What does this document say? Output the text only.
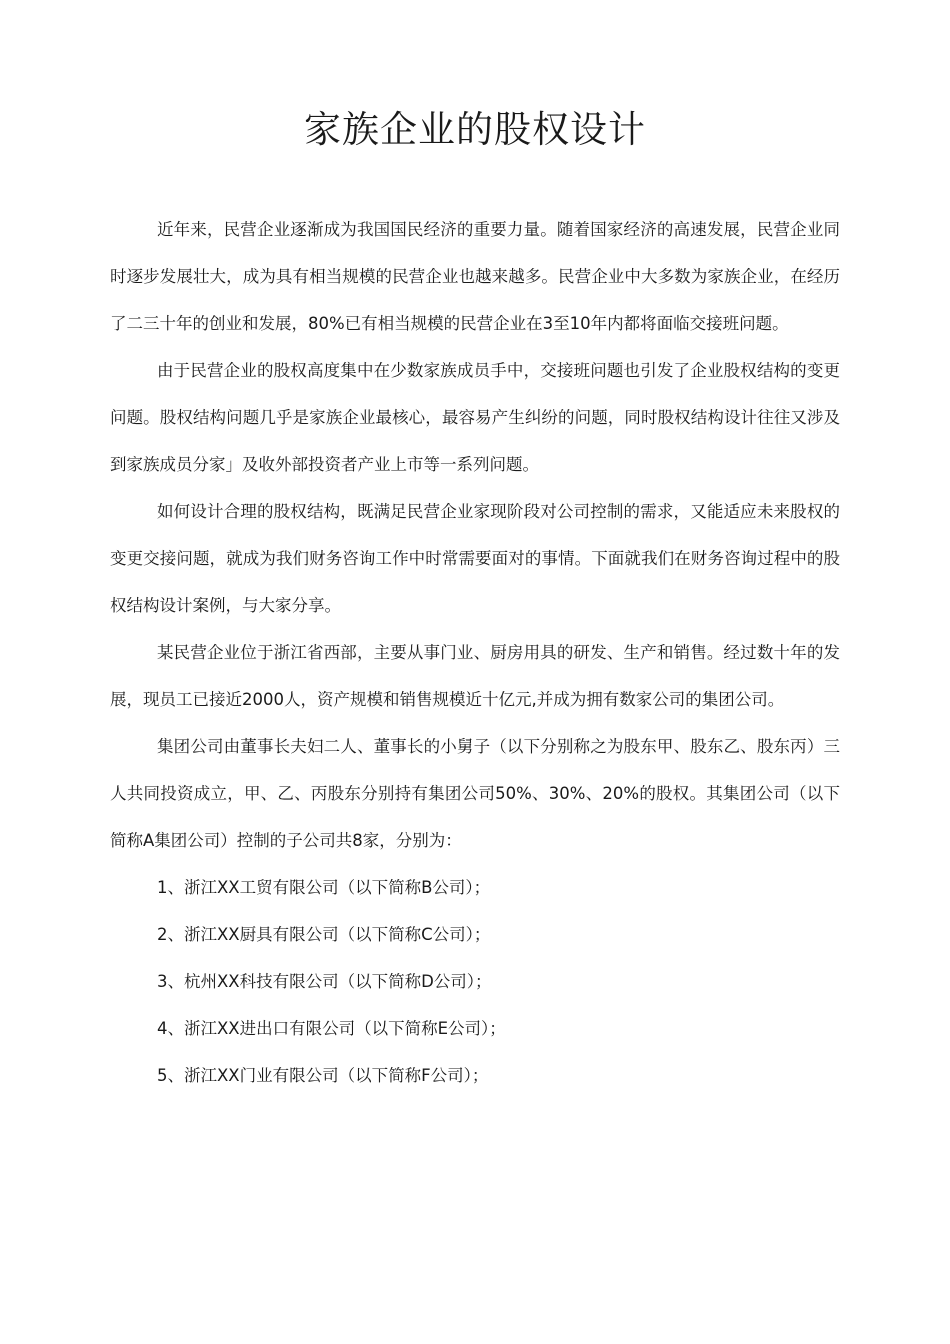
家族企业的股权设计

近年来，民营企业逐渐成为我国国民经济的重要力量。随着国家经济的高速发展，民营企业同时逐步发展壮大，成为具有相当规模的民营企业也越来越多。民营企业中大多数为家族企业，在经历了二三十年的创业和发展，80%已有相当规模的民营企业在3至10年内都将面临交接班问题。

由于民营企业的股权高度集中在少数家族成员手中，交接班问题也引发了企业股权结构的变更问题。股权结构问题几乎是家族企业最核心，最容易产生纠纷的问题，同时股权结构设计往往又涉及到家族成员分家」及收外部投资者产业上市等一系列问题。

如何设计合理的股权结构，既满足民营企业家现阶段对公司控制的需求，又能适应未来股权的变更交接问题，就成为我们财务咨询工作中时常需要面对的事情。下面就我们在财务咨询过程中的股权结构设计案例，与大家分享。

某民营企业位于浙江省西部，主要从事门业、厨房用具的研发、生产和销售。经过数十年的发展，现员工已接近2000人，资产规模和销售规模近十亿元,并成为拥有数家公司的集团公司。

集团公司由董事长夫妇二人、董事长的小舅子（以下分别称之为股东甲、股东乙、股东丙）三人共同投资成立，甲、乙、丙股东分别持有集团公司50%、30%、20%的股权。其集团公司（以下简称A集团公司）控制的子公司共8家，分别为：

1、浙江XX工贸有限公司（以下简称B公司）；
2、浙江XX厨具有限公司（以下简称C公司）；
3、杭州XX科技有限公司（以下简称D公司）；
4、浙江XX进出口有限公司（以下简称E公司）；
5、浙江XX门业有限公司（以下简称F公司）；
